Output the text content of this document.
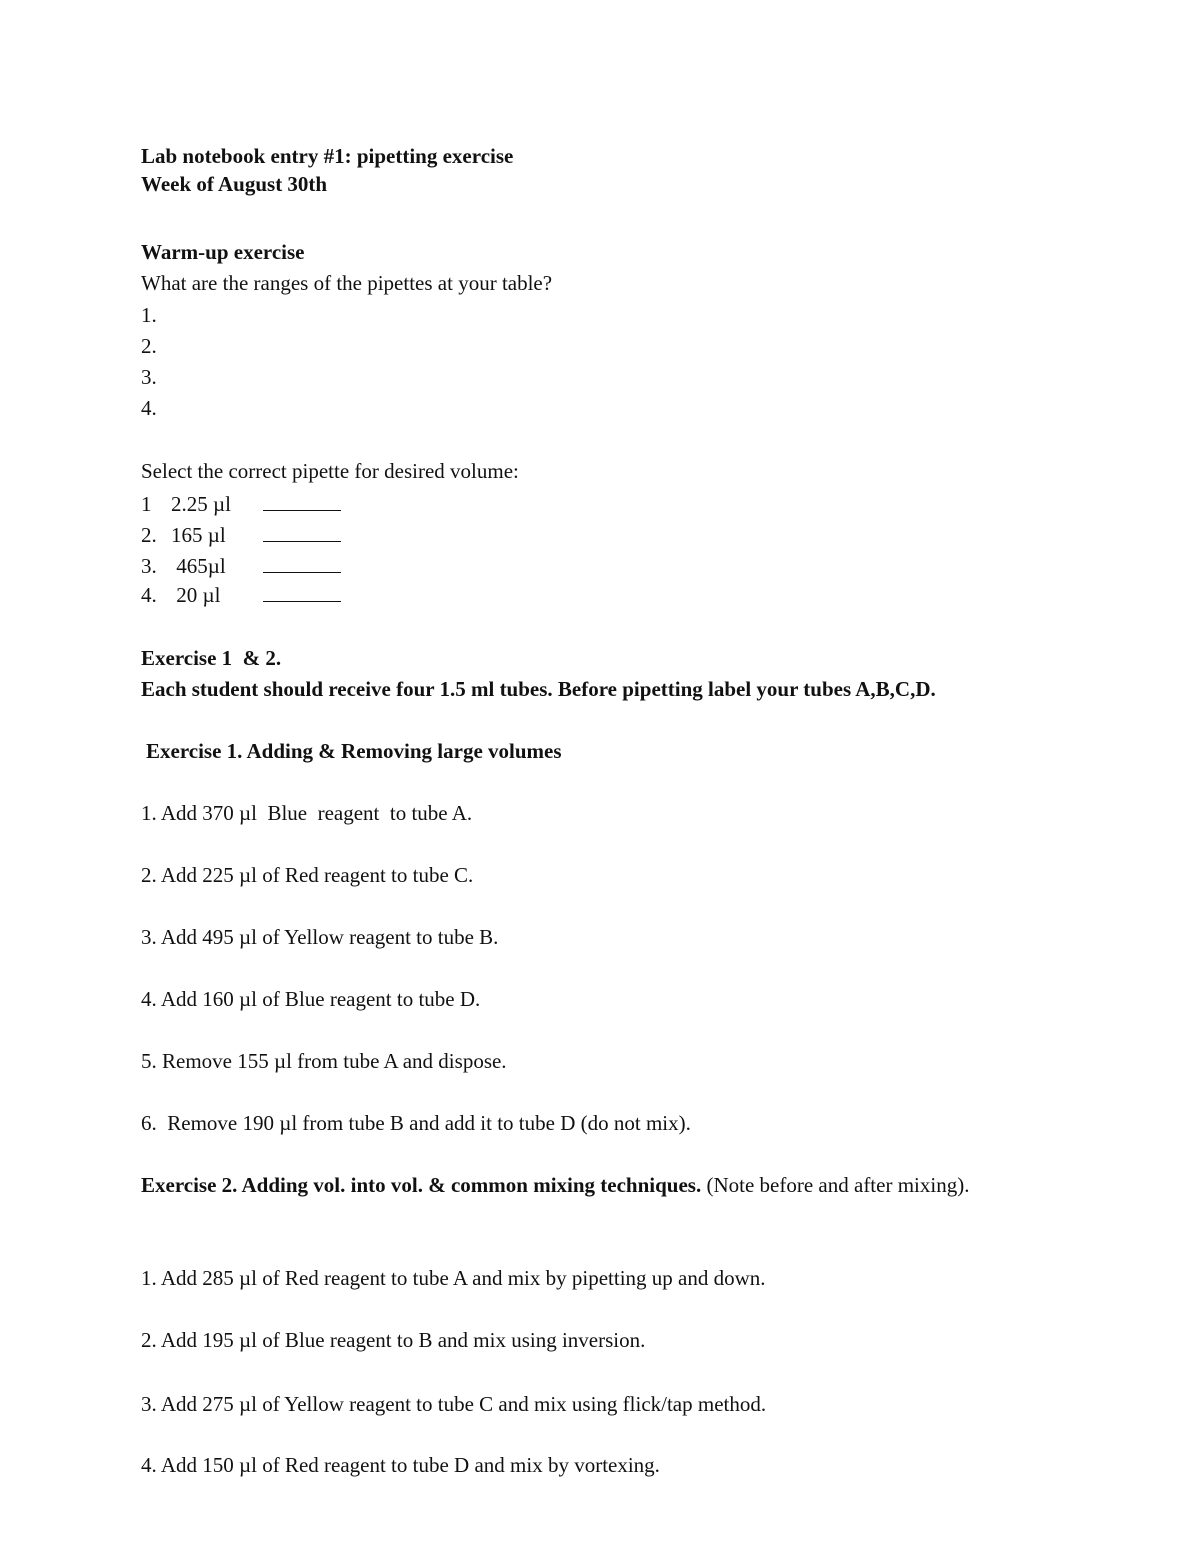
Lab notebook entry #1: pipetting exercise
Week of August 30th
Warm-up exercise
What are the ranges of the pipettes at your table?
1.
2.
3.
4.
Select the correct pipette for desired volume:
1 2.25 µl
2. 165 µl
3. 465µl
4. 20 µl
Exercise 1  & 2.
Each student should receive four 1.5 ml tubes. Before pipetting label your tubes A,B,C,D.
Exercise 1. Adding & Removing large volumes
1. Add 370 µl  Blue  reagent  to tube A.
2. Add 225 µl of Red reagent to tube C.
3. Add 495 µl of Yellow reagent to tube B.
4. Add 160 µl of Blue reagent to tube D.
5. Remove 155 µl from tube A and dispose.
6.  Remove 190 µl from tube B and add it to tube D (do not mix).
Exercise 2. Adding vol. into vol. & common mixing techniques. (Note before and after mixing).
1. Add 285 µl of Red reagent to tube A and mix by pipetting up and down.
2. Add 195 µl of Blue reagent to B and mix using inversion.
3. Add 275 µl of Yellow reagent to tube C and mix using flick/tap method.
4. Add 150 µl of Red reagent to tube D and mix by vortexing.
